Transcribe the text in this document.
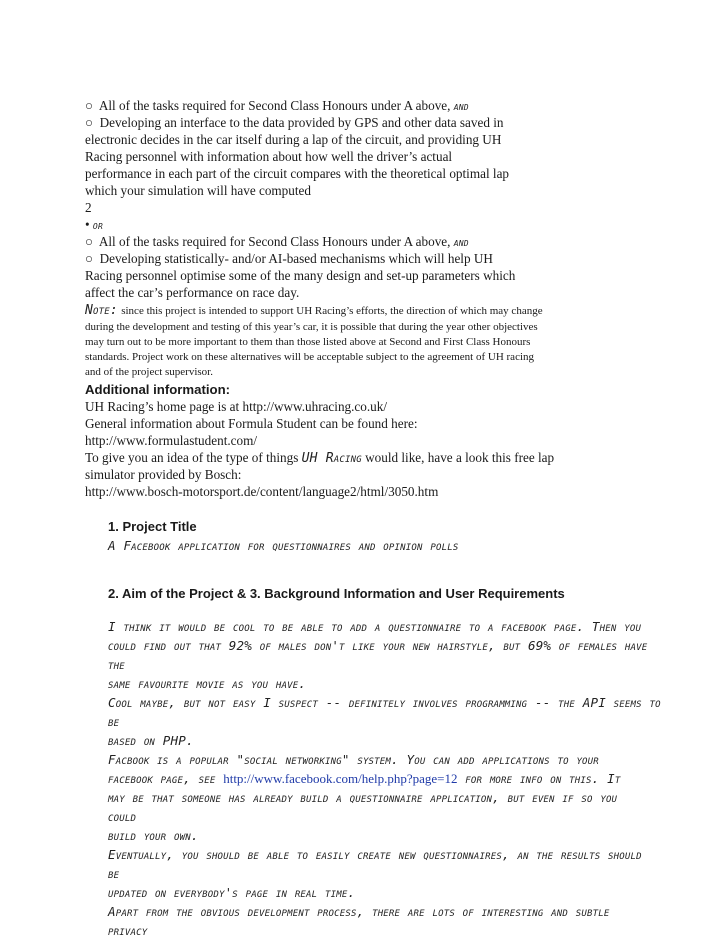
○ All of the tasks required for Second Class Honours under A above, and
○ Developing an interface to the data provided by GPS and other data saved in
electronic decides in the car itself during a lap of the circuit, and providing UH
Racing personnel with information about how well the driver’s actual
performance in each part of the circuit compares with the theoretical optimal lap
which your simulation will have computed
2
• or
○ All of the tasks required for Second Class Honours under A above, and
○ Developing statistically- and/or AI-based mechanisms which will help UH
Racing personnel optimise some of the many design and set-up parameters which
affect the car’s performance on race day.
Note: since this project is intended to support UH Racing’s efforts, the direction of which may change
during the development and testing of this year’s car, it is possible that during the year other objectives
may turn out to be more important to them than those listed above at Second and First Class Honours
standards. Project work on these alternatives will be acceptable subject to the agreement of UH racing
and of the project supervisor.
Additional information:
UH Racing’s home page is at http://www.uhracing.co.uk/
General information about Formula Student can be found here:
http://www.formulastudent.com/
To give you an idea of the type of things UH Racing would like, have a look this free lap
simulator provided by Bosch:
http://www.bosch-motorsport.de/content/language2/html/3050.htm
1. Project Title
A Facebook application for questionnaires and opinion polls
2. Aim of the Project & 3. Background Information and User Requirements
I think it would be cool to be able to add a questionnaire to a facebook page. Then you
could find out that 92% of males don't like your new hairstyle, but 69% of females have
the
same favourite movie as you have.
Cool maybe, but not easy I suspect -- definitely involves programming -- the API seems to
be
based on PHP.
Facbook is a popular "social networking" system. You can add applications to your
facebook page, see http://www.facebook.com/help.php?page=12 for more info on this. It
may be that someone has already build a questionnaire application, but even if so you
could
build your own.
Eventually, you should be able to easily create new questionnaires, an the results should
be
updated on everybody's page in real time.
Apart from the obvious development process, there are lots of interesting and subtle
privacy
